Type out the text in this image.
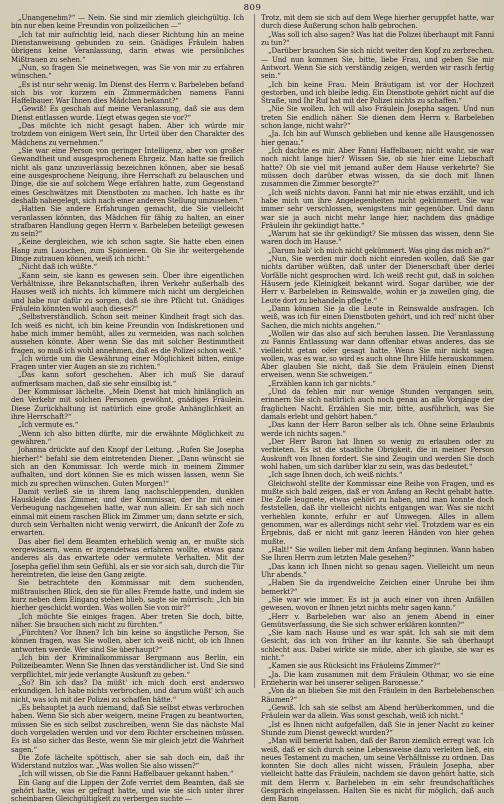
809

„Unangenehm?“ — Nein. Sie sind mir ziemlich gleichgültig. Ich bin nur eben keine Freundin von polizeilichen —“

„Ich tat mir aufrichtig leid, nach dieser Richtung hin an meine Dienstanweisung gebunden zu sein. Gnädiges Fräulein haben übrigens keine Veranlassung, darin etwas wie persönliches Mißtrauen zu sehen.“

„Nun, so fragen Sie meinetwegen, was Sie von mir zu erfahren wünschen.“

„Es ist nur sehr wenig. Im Dienst des Herrn v. Barbeleben befand sich bis vor kurzem ein Zimmermädchen namens Fanni Haffelbauer. War Ihnen dies Mädchen bekannt?“

„Gewiß! Es geschah auf meine Veranlassung, daß sie aus dem Dienst entlassen wurde. Liegt etwas gegen sie vor?“

„Das möchte ich nicht gesagt haben. Aber ich würde mir trotzdem von einigem Wert sein, Ihr Urteil über den Charakter des Mädchens zu vernehmen.“

„Sie war eine Person von geringer Intelligenz, aber von großer Gewandtheit und ausgesprochenem Ehrgeiz. Man hatte sie freilich nicht als ganz unzuverlässig bezeichnen können, aber sie besaß eine ausgesprochene Neigung, ihre Herrschaft zu belauschen und Dinge, die sie auf solchem Wege erfahren hatte, zum Gegenstand eines Geschwätzes mit Dienstboten zu machen. Ich hatte es ihr deshalb nahegelegt, sich nach einer anderen Stellung umzusehen.“

„Hatten Sie andere Erfahrungen gemacht, die Sie vielleicht veranlassen könnten, das Mädchen für fähig zu halten, an einer strafbaren Handlung gegen Herrn v. Barbeleben beteiligt gewesen zu sein?“

„Keine dergleichen, wie ich schon sagte. Sie hatte eben einen Hang zum Lauschen, zum Spionieren. Ob Sie ihr weitergehende Dinge zutrauen können, weiß ich nicht.“

„Nicht daß ich wüßte.“

„Kann sein, sie kann es gewesen sein. Über ihre eigentlichen Verhältnisse, ihre Bekanntschaften, ihren Verkehr außerhalb des Hauses weiß ich nichts. Ich kümmere mich nicht um dergleichen und habe nur dafür zu sorgen, daß sie ihre Pflicht tut. Gnädiges Fräulein könnten wohl auch dieses?“

„Selbstverständlich. Schon seit meiner Kindheit fragt sich das. Ich weiß es nicht, ich bin keine Freundin von Indiskretionen und habe mich immer bemüht, alles zu vermeiden, was nach solchen aussehen könnte. Aber wenn Sie das mit solcher Bestimmtheit fragen, so muß ich wohl annehmen, daß es die Polizei schon weiß.“

„Ich würde um die Gewährung einer Möglichkeit bitten, einige Fragen unter vier Augen an sie zu richten.“

„Das kann sofort geschehen. Aber ich muß Sie darauf aufmerksam machen, daß sie sehr einsilbig ist.“

Der Kommissar lächelte. „Mein Dienst hat mich hinlänglich an den Verkehr mit solchen Personen gewöhnt, gnädiges Fräulein. Diese Zurückhaltung ist natürlich eine große Anhänglichkeit an ihre Herrschaft?“

„Ich vermute es.“

„Wenn ich also bitten dürfte, mir die erwähnte Möglichkeit zu gewähren.“

Johanna drückte auf den Knopf der Leitung. „Rufen Sie Josepha hierher!“ befahl sie dem eintretenden Diener. „Dann wünscht sie sich an den Kommissar. Ich werde mich in meinem Zimmer aufhalten, und dort können Sie es mich wissen lassen, wenn Sie mich zu sprechen wünschen. Guten Morgen!“

Damit verließ sie in ihrem lang nachschleppenden, dunklen Hauskleide das Zimmer, und der Kommissar, der ihr mit einer Verbeugung nachgesehen hatte, war nun allein. Er sah sich noch einmal mit einem raschen Blick im Zimmer um; dann setzte er sich, durch sein Verhalten nicht wenig verwirrt, die Ankunft der Zofe zu erwarten.

Das aber fiel dem Beamten erheblich wenig an, er mußte sich vergewissern, wenn er irgendetwas erfahren wollte, etwas ganz anderes als das erwartete oder vermutete Verhalten. Mit der Josepha gefiel ihm sein Gefühl, als er sie vor sich sah, durch die Tür hereintreten, die leise den Gang zeigte.

Sie betrachtete den Kommissar mit dem suchenden, mißtrauischen Blick, den sie für alles Fremde hatte, und indem sie kurz neben dem Eingang stehen blieb, sagte sie mürrisch: „Ich bin hierher geschickt worden. Was wollen Sie von mir?“

„Ich möchte Sie einiges fragen. Aber treten Sie doch, bitte, näher. Sie brauchen sich nicht zu fürchten.“

„Fürchten? Vor Ihnen? Ich bin keine so ängstliche Person, Sie können fragen, was Sie wollen, aber ich weiß nicht, ob ich Ihnen antworten werde. Wer sind Sie überhaupt?“

„Ich bin der Kriminalkommissar Bergmann aus Berlin, ein Polizeibeamter. Wenn Sie Ihnen das verständlicher ist. Und Sie sind verpflichtet, mir jede verlangte Auskunft zu geben.“

„So? Bin ich das? Da müßt' ich mich doch erst anderswo erkundigen. Ich habe nichts verbrochen, und darum wüßt' ich auch nicht, was ich mit der Polizei zu schaffen hätte.“

„Es behauptet ja auch niemand, daß Sie selbst etwas verbrochen haben. Wenn Sie sich aber weigern, meine Fragen zu beantworten, müssen Sie es sich selbst zuschreiben, wenn Sie das nächste Mal doch vorgeladen werden und vor dem Richter erscheinen müssen. Es ist also sicher das Beste, wenn Sie mir gleich jetzt die Wahrheit sagen.“

Die Zofe lächelte spöttisch, aber sie sah doch ein, daß ihr Widerstand nutzlos war. „Was wollen Sie also wissen?“

„Ich will wissen, ob Sie die Fanni Haffelbauer gekannt haben.“

Ein Gang auf die Lippen der Zofe verriet dem Beamten, daß sie gehört hatte, was er gefragt hatte, und wie sie sich unter ihrer scheinbaren Gleichgültigkeit zu verbergen suchte —

Trotz, mit dem sie sich auf dem Wege hierher geruppfet hatte, war durch diese Äußerung schon halb gebrochen.

„Was soll ich also sagen? Was hat die Polizei überhaupt mit Fanni zu tun?“

„Darüber brauchen Sie sich nicht weiter den Kopf zu zerbrechen. — Und nun kommen Sie, bitte, liebe Frau, und geben Sie mir Antwort. Wenn Sie sich verständig zeigen, werden wir rasch fertig sein.“

„Ich bin keine Frau. Mein Bräutigam ist vor der Hochzeit gestorben, und ich bleibe ledig. Ein Dienstbote gehört nicht auf die Straße, und Ihr Ruf hat mit der Polizei nichts zu schaffen.“

„Nie Sie wollen. Ich will also Fräulein Josepha sagen. Und nun treten Sie endlich näher. Sie dienen dem Herrn v. Barbeleben schon lange, nicht wahr?“

„Ja. Ich bin auf Wunsch geblieben und kenne alle Hausgenossen hier genau.“

„Ich dachte es mir. Aber Fanni Haffelbauer, nicht wahr, sie war noch nicht lange hier? Wissen Sie, ob sie hier eine Liebschaft hatte? Ob sie viel mit jemand außer dem Hause verkehrte? Sie müssen doch darüber etwas wissen, da sie doch mit Ihnen zusammen die Zimmer besorgte?“

„Ich weiß nichts davon. Fanni hat mir nie etwas erzählt, und ich habe mich um ihre Angelegenheiten nicht gekümmert. Sie war immer sehr verschlossen, wenigstens mir gegenüber. Und dann war sie ja auch nicht mehr lange hier, nachdem das gnädige Fräulein ihr gekündigt hatte.“

„Warum hat sie ihr gekündigt? Sie müssen das wissen, denn Sie waren doch im Hause.“

„Darum hab' ich mich nicht gekümmert. Was ging das mich an?“

„Nun, Sie werden mir doch nicht einreden wollen, daß Sie gar nichts darüber wüßten, daß unter der Dienerschaft über derlei Vorfälle nicht gesprochen wird. Ich weiß recht gut, daß in solchen Häusern jede Kleinigkeit bekannt wird. Sogar darüber, wie der Herr v. Barbeleben in Reinswalde, wohin er ja zuweilen ging, die Leute dort zu behandeln pflegte.“

„Dann können Sie ja die Leute in Reinswalde ausfragen. Ich weiß, was ich für einen Dienstboten gehört, und ich red' nicht über Sachen, die mich nichts angehen.“

„Wollen wir das also auf sich beruhen lassen. Die Veranlassung zu Fannis Entlassung war dann offenbar etwas anderes, das sie vielleicht getan oder gesagt hatte. Wenn Sie mir nicht sagen wollen, was es war, so wird es auch ohne Ihre Hilfe herauskommen. Aber glauben Sie nicht, daß Sie dem Fräulein einen Dienst erweisen, wenn Sie schweigen.“

„Erzählen kann ich gar nichts.“

„Und da fehlen mir nur wenige Stunden vergangen sein, erinnern Sie sich natürlich auch noch genau an alle Vorgänge der fraglichen Nacht. Erzählen Sie mir, bitte, ausführlich, was Sie damals erlebt und gehört haben.“

„Das kann der Herr Baron selber als ich. Ohne seine Erlaubnis werde ich nichts sagen.“

„Der Herr Baron hat Ihnen so wenig zu erlauben oder zu verbieten. Es ist die staatliche Obrigkeit, die in meiner Person Auskunft von Ihnen fordert. Sie sind Zeugin und werden Sie doch wohl haben, um sich darüber klar zu sein, was das bedeutet.“

„Ich sage Ihnen doch, ich weiß nichts.“

Gleichwohl stellte der Kommissar eine Reihe von Fragen, und es mußte sich bald zeigen, daß er von Anfang an Recht gehabt hatte. Die Zofe leugnete, etwas gehört zu haben, und man konnte doch feststellen, daß ihr vielleicht nichts entgangen war. Was sie nicht verhehlen konnte, erfuhr er auf Umwegen. Alles in allem genommen, war es allerdings nicht sehr viel. Trotzdem war es ein Ergebnis, daß er nicht mit ganz leeren Händen von hier gehen mußte.

„Halt!“ Sie wollen lieber mit dem Anfang beginnen. Wann haben Sie Ihren Herrn zum letzten Male gesehen?“

„Das kann ich Ihnen nicht so genau sagen. Vielleicht um neun Uhr abends.“

„Haben Sie da irgendwelche Zeichen einer Unruhe bei ihm bemerkt?“

„Sie war wie immer. Es ist ja auch einer von ihren Anfällen gewesen, wovon er Ihnen jetzt nichts mehr sagen kann.“

„Herr v. Barbeleben war also an jenem Abend in einer Gemütsverfassung, die Sie sich schwer erklären konnten?“

„Sie kam nach Hause und es war spät. Ich sah sie mit dem Gesicht, das ich von früher an ihr kannte. Sie sah überhaupt schlecht aus. Dabei wirkte sie müde, aber ich glaube, sie war es nicht.“

„Kamen sie aus Rücksicht ins Fräuleins Zimmer?“

„Ja. Die kam zusammen mit dem Fräulein Othmar, wo sie eine Erzieherin war bei unserer seligen Baronesse.“

„Von da an blieben Sie mit den Fräulein in den Barbelebenschen Räumen?“

„Gewiß. Ich sah sie selbst am Abend herüberkommen, und die Fräulein war da allein. Was sonst geschah, weiß ich nicht.“

„Ist es Ihnen nicht aufgefallen, daß Sie in jener Nacht zu keiner Stunde zum Dienst geweckt wurden?“

„Man will bemerkt haben, daß der Baron ziemlich erregt war. Ich weiß, daß er sich durch seine Lebensweise dazu verleiten ließ, ein neues Testament zu machen, um seine Verhältnisse zu ordnen. Das konnten Sie doch alles nicht wissen, Fräulein Josepha, aber vielleicht hatte das Fräulein, nachdem sie davon gehört hatte, sich mit dem Herrn v. Barbeleben in ein sehr freundschaftliches Gespräch eingelassen. Halten Sie es nicht für möglich, daß auch dem Baron
